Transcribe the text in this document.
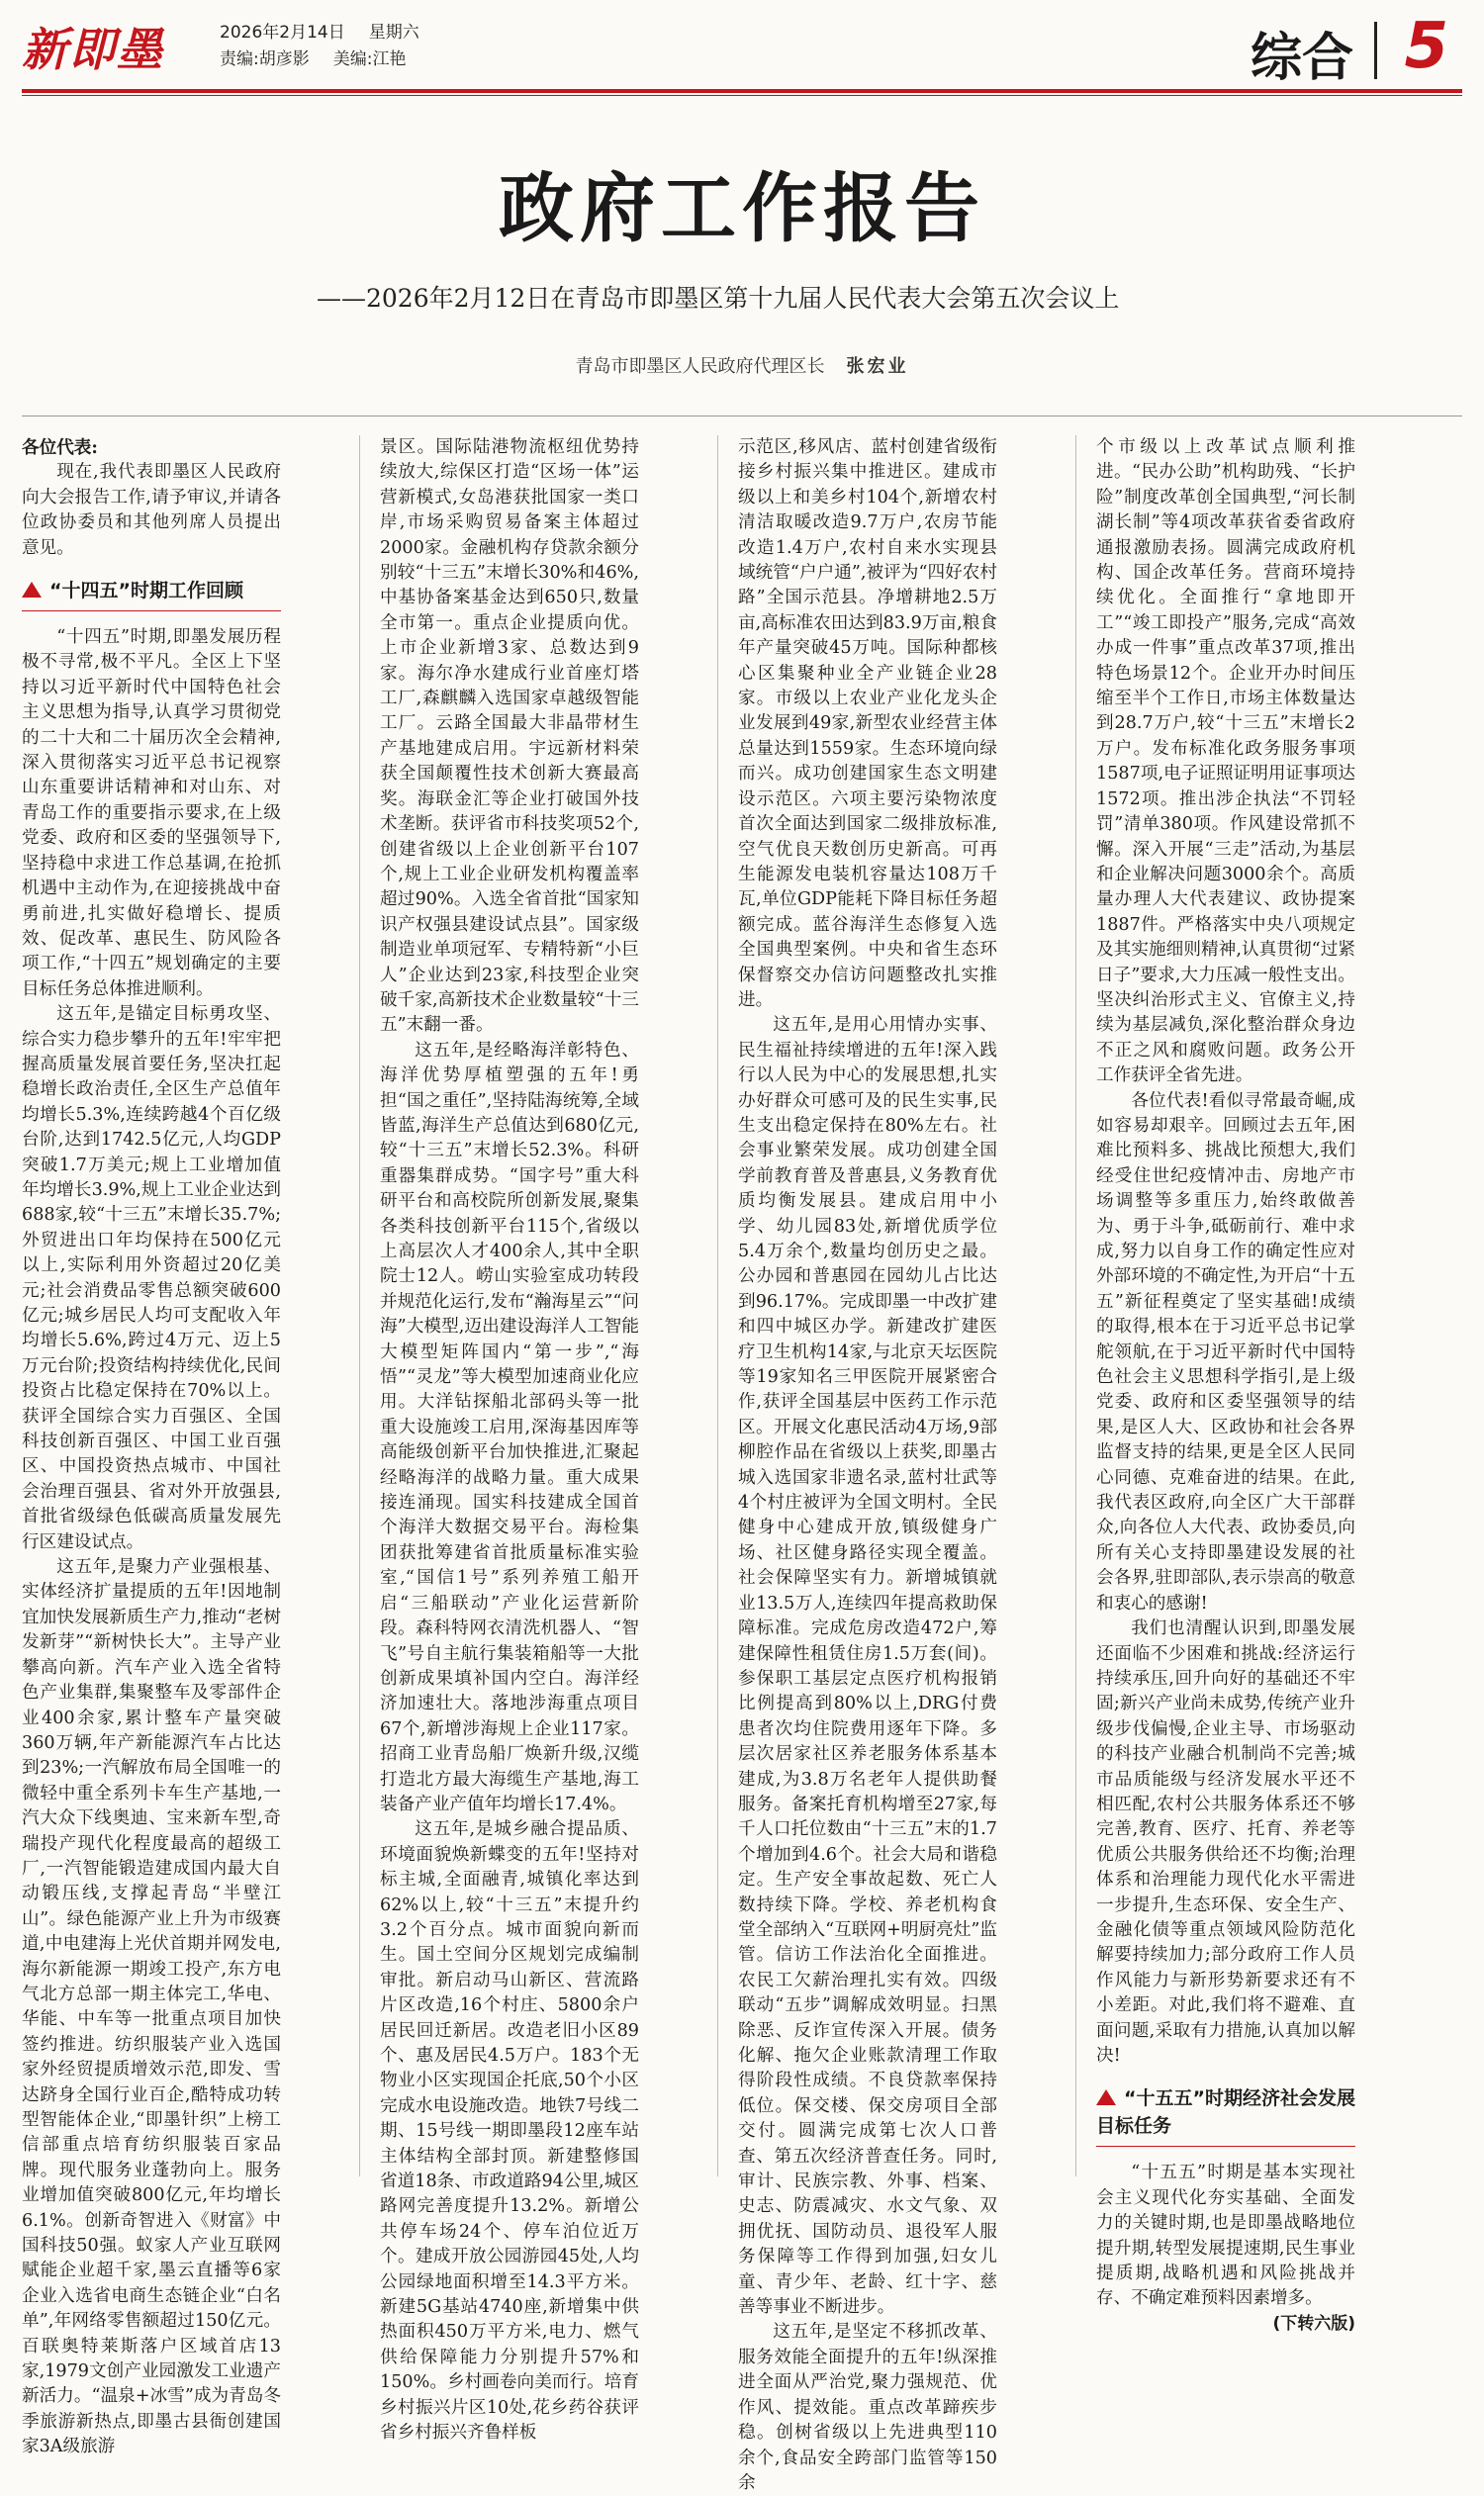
新即墨	2026年2月14日 星期六
责编:胡彦影 美编:江艳	综合 5
政府工作报告
——2026年2月12日在青岛市即墨区第十九届人民代表大会第五次会议上
青岛市即墨区人民政府代理区长 张宏业

各位代表:

现在,我代表即墨区人民政府向大会报告工作,请予审议,并请各位政协委员和其他列席人员提出意见。

“十四五”时期工作回顾

“十四五”时期,即墨发展历程极不寻常,极不平凡。全区上下坚持以习近平新时代中国特色社会主义思想为指导,认真学习贯彻党的二十大和二十届历次全会精神,深入贯彻落实习近平总书记视察山东重要讲话精神和对山东、对青岛工作的重要指示要求,在上级党委、政府和区委的坚强领导下,坚持稳中求进工作总基调,在抢抓机遇中主动作为,在迎接挑战中奋勇前进,扎实做好稳增长、提质效、促改革、惠民生、防风险各项工作,“十四五”规划确定的主要目标任务总体推进顺利。

这五年,是锚定目标勇攻坚、综合实力稳步攀升的五年!牢牢把握高质量发展首要任务,坚决扛起稳增长政治责任,全区生产总值年均增长5.3%,连续跨越4个百亿级台阶,达到1742.5亿元,人均GDP突破1.7万美元;规上工业增加值年均增长3.9%,规上工业企业达到688家,较“十三五”末增长35.7%;外贸进出口年均保持在500亿元以上,实际利用外资超过20亿美元;社会消费品零售总额突破600亿元;城乡居民人均可支配收入年均增长5.6%,跨过4万元、迈上5万元台阶;投资结构持续优化,民间投资占比稳定保持在70%以上。获评全国综合实力百强区、全国科技创新百强区、中国工业百强区、中国投资热点城市、中国社会治理百强县、省对外开放强县,首批省级绿色低碳高质量发展先行区建设试点。

这五年,是聚力产业强根基、实体经济扩量提质的五年!因地制宜加快发展新质生产力,推动“老树发新芽”“新树快长大”。主导产业攀高向新。汽车产业入选全省特色产业集群,集聚整车及零部件企业400余家,累计整车产量突破360万辆,年产新能源汽车占比达到23%;一汽解放布局全国唯一的微轻中重全系列卡车生产基地,一汽大众下线奥迪、宝来新车型,奇瑞投产现代化程度最高的超级工厂,一汽智能锻造建成国内最大自动锻压线,支撑起青岛“半壁江山”。绿色能源产业上升为市级赛道,中电建海上光伏首期并网发电,海尔新能源一期竣工投产,东方电气北方总部一期主体完工,华电、华能、中车等一批重点项目加快签约推进。纺织服装产业入选国家外经贸提质增效示范,即发、雪达跻身全国行业百企,酷特成功转型智能体企业,“即墨针织”上榜工信部重点培育纺织服装百家品牌。现代服务业蓬勃向上。服务业增加值突破800亿元,年均增长6.1%。创新奇智进入《财富》中国科技50强。蚁家人产业互联网赋能企业超千家,墨云直播等6家企业入选省电商生态链企业“白名单”,年网络零售额超过150亿元。百联奥特莱斯落户区域首店13家,1979文创产业园激发工业遗产新活力。“温泉+冰雪”成为青岛冬季旅游新热点,即墨古县衙创建国家3A级旅游

景区。国际陆港物流枢纽优势持续放大,综保区打造“区场一体”运营新模式,女岛港获批国家一类口岸,市场采购贸易备案主体超过2000家。金融机构存贷款余额分别较“十三五”末增长30%和46%,中基协备案基金达到650只,数量全市第一。重点企业提质向优。上市企业新增3家、总数达到9家。海尔净水建成行业首座灯塔工厂,森麒麟入选国家卓越级智能工厂。云路全国最大非晶带材生产基地建成启用。宇远新材料荣获全国颠覆性技术创新大赛最高奖。海联金汇等企业打破国外技术垄断。获评省市科技奖项52个,创建省级以上企业创新平台107个,规上工业企业研发机构覆盖率超过90%。入选全省首批“国家知识产权强县建设试点县”。国家级制造业单项冠军、专精特新“小巨人”企业达到23家,科技型企业突破千家,高新技术企业数量较“十三五”末翻一番。

这五年,是经略海洋彰特色、海洋优势厚植塑强的五年!勇担“国之重任”,坚持陆海统筹,全域皆蓝,海洋生产总值达到680亿元,较“十三五”末增长52.3%。科研重器集群成势。“国字号”重大科研平台和高校院所创新发展,聚集各类科技创新平台115个,省级以上高层次人才400余人,其中全职院士12人。崂山实验室成功转段并规范化运行,发布“瀚海星云”“问海”大模型,迈出建设海洋人工智能大模型矩阵国内“第一步”,“海悟”“灵龙”等大模型加速商业化应用。大洋钻探船北部码头等一批重大设施竣工启用,深海基因库等高能级创新平台加快推进,汇聚起经略海洋的战略力量。重大成果接连涌现。国实科技建成全国首个海洋大数据交易平台。海检集团获批筹建省首批质量标准实验室,“国信1号”系列养殖工船开启“三船联动”产业化运营新阶段。森科特网衣清洗机器人、“智飞”号自主航行集装箱船等一大批创新成果填补国内空白。海洋经济加速壮大。落地涉海重点项目67个,新增涉海规上企业117家。招商工业青岛船厂焕新升级,汉缆打造北方最大海缆生产基地,海工装备产业产值年均增长17.4%。

这五年,是城乡融合提品质、环境面貌焕新蝶变的五年!坚持对标主城,全面融青,城镇化率达到62%以上,较“十三五”末提升约3.2个百分点。城市面貌向新而生。国土空间分区规划完成编制审批。新启动马山新区、营流路片区改造,16个村庄、5800余户居民回迁新居。改造老旧小区89个、惠及居民4.5万户。183个无物业小区实现国企托底,50个小区完成水电设施改造。地铁7号线二期、15号线一期即墨段12座车站主体结构全部封顶。新建整修国省道18条、市政道路94公里,城区路网完善度提升13.2%。新增公共停车场24个、停车泊位近万个。建成开放公园游园45处,人均公园绿地面积增至14.3平方米。新建5G基站4740座,新增集中供热面积450万平方米,电力、燃气供给保障能力分别提升57%和150%。乡村画卷向美而行。培育乡村振兴片区10处,花乡药谷获评省乡村振兴齐鲁样板

示范区,移风店、蓝村创建省级衔接乡村振兴集中推进区。建成市级以上和美乡村104个,新增农村清洁取暖改造9.7万户,农房节能改造1.4万户,农村自来水实现县域统管“户户通”,被评为“四好农村路”全国示范县。净增耕地2.5万亩,高标准农田达到83.9万亩,粮食年产量突破45万吨。国际种都核心区集聚种业全产业链企业28家。市级以上农业产业化龙头企业发展到49家,新型农业经营主体总量达到1559家。生态环境向绿而兴。成功创建国家生态文明建设示范区。六项主要污染物浓度首次全面达到国家二级排放标准,空气优良天数创历史新高。可再生能源发电装机容量达108万千瓦,单位GDP能耗下降目标任务超额完成。蓝谷海洋生态修复入选全国典型案例。中央和省生态环保督察交办信访问题整改扎实推进。

这五年,是用心用情办实事、民生福祉持续增进的五年!深入践行以人民为中心的发展思想,扎实办好群众可感可及的民生实事,民生支出稳定保持在80%左右。社会事业繁荣发展。成功创建全国学前教育普及普惠县,义务教育优质均衡发展县。建成启用中小学、幼儿园83处,新增优质学位5.4万余个,数量均创历史之最。公办园和普惠园在园幼儿占比达到96.17%。完成即墨一中改扩建和四中城区办学。新建改扩建医疗卫生机构14家,与北京天坛医院等19家知名三甲医院开展紧密合作,获评全国基层中医药工作示范区。开展文化惠民活动4万场,9部柳腔作品在省级以上获奖,即墨古城入选国家非遗名录,蓝村壮武等4个村庄被评为全国文明村。全民健身中心建成开放,镇级健身广场、社区健身路径实现全覆盖。社会保障坚实有力。新增城镇就业13.5万人,连续四年提高救助保障标准。完成危房改造472户,筹建保障性租赁住房1.5万套(间)。参保职工基层定点医疗机构报销比例提高到80%以上,DRG付费患者次均住院费用逐年下降。多层次居家社区养老服务体系基本建成,为3.8万名老年人提供助餐服务。备案托育机构增至27家,每千人口托位数由“十三五”末的1.7个增加到4.6个。社会大局和谐稳定。生产安全事故起数、死亡人数持续下降。学校、养老机构食堂全部纳入“互联网+明厨亮灶”监管。信访工作法治化全面推进。农民工欠薪治理扎实有效。四级联动“五步”调解成效明显。扫黑除恶、反诈宣传深入开展。债务化解、拖欠企业账款清理工作取得阶段性成绩。不良贷款率保持低位。保交楼、保交房项目全部交付。圆满完成第七次人口普查、第五次经济普查任务。同时,审计、民族宗教、外事、档案、史志、防震减灾、水文气象、双拥优抚、国防动员、退役军人服务保障等工作得到加强,妇女儿童、青少年、老龄、红十字、慈善等事业不断进步。

这五年,是坚定不移抓改革、服务效能全面提升的五年!纵深推进全面从严治党,聚力强规范、优作风、提效能。重点改革蹄疾步稳。创树省级以上先进典型110余个,食品安全跨部门监管等150余

个市级以上改革试点顺利推进。“民办公助”机构助残、“长护险”制度改革创全国典型,“河长制湖长制”等4项改革获省委省政府通报激励表扬。圆满完成政府机构、国企改革任务。营商环境持续优化。全面推行“拿地即开工”“竣工即投产”服务,完成“高效办成一件事”重点改革37项,推出特色场景12个。企业开办时间压缩至半个工作日,市场主体数量达到28.7万户,较“十三五”末增长2万户。发布标准化政务服务事项1587项,电子证照证明用证事项达1572项。推出涉企执法“不罚轻罚”清单380项。作风建设常抓不懈。深入开展“三走”活动,为基层和企业解决问题3000余个。高质量办理人大代表建议、政协提案1887件。严格落实中央八项规定及其实施细则精神,认真贯彻“过紧日子”要求,大力压减一般性支出。坚决纠治形式主义、官僚主义,持续为基层减负,深化整治群众身边不正之风和腐败问题。政务公开工作获评全省先进。

各位代表!看似寻常最奇崛,成如容易却艰辛。回顾过去五年,困难比预料多、挑战比预想大,我们经受住世纪疫情冲击、房地产市场调整等多重压力,始终敢做善为、勇于斗争,砥砺前行、难中求成,努力以自身工作的确定性应对外部环境的不确定性,为开启“十五五”新征程奠定了坚实基础!成绩的取得,根本在于习近平总书记掌舵领航,在于习近平新时代中国特色社会主义思想科学指引,是上级党委、政府和区委坚强领导的结果,是区人大、区政协和社会各界监督支持的结果,更是全区人民同心同德、克难奋进的结果。在此,我代表区政府,向全区广大干部群众,向各位人大代表、政协委员,向所有关心支持即墨建设发展的社会各界,驻即部队,表示崇高的敬意和衷心的感谢!

我们也清醒认识到,即墨发展还面临不少困难和挑战:经济运行持续承压,回升向好的基础还不牢固;新兴产业尚未成势,传统产业升级步伐偏慢,企业主导、市场驱动的科技产业融合机制尚不完善;城市品质能级与经济发展水平还不相匹配,农村公共服务体系还不够完善,教育、医疗、托育、养老等优质公共服务供给还不均衡;治理体系和治理能力现代化水平需进一步提升,生态环保、安全生产、金融化债等重点领域风险防范化解要持续加力;部分政府工作人员作风能力与新形势新要求还有不小差距。对此,我们将不避难、直面问题,采取有力措施,认真加以解决!

“十五五”时期经济社会发展目标任务

“十五五”时期是基本实现社会主义现代化夯实基础、全面发力的关键时期,也是即墨战略地位提升期,转型发展提速期,民生事业提质期,战略机遇和风险挑战并存、不确定难预料因素增多。

(下转六版)
